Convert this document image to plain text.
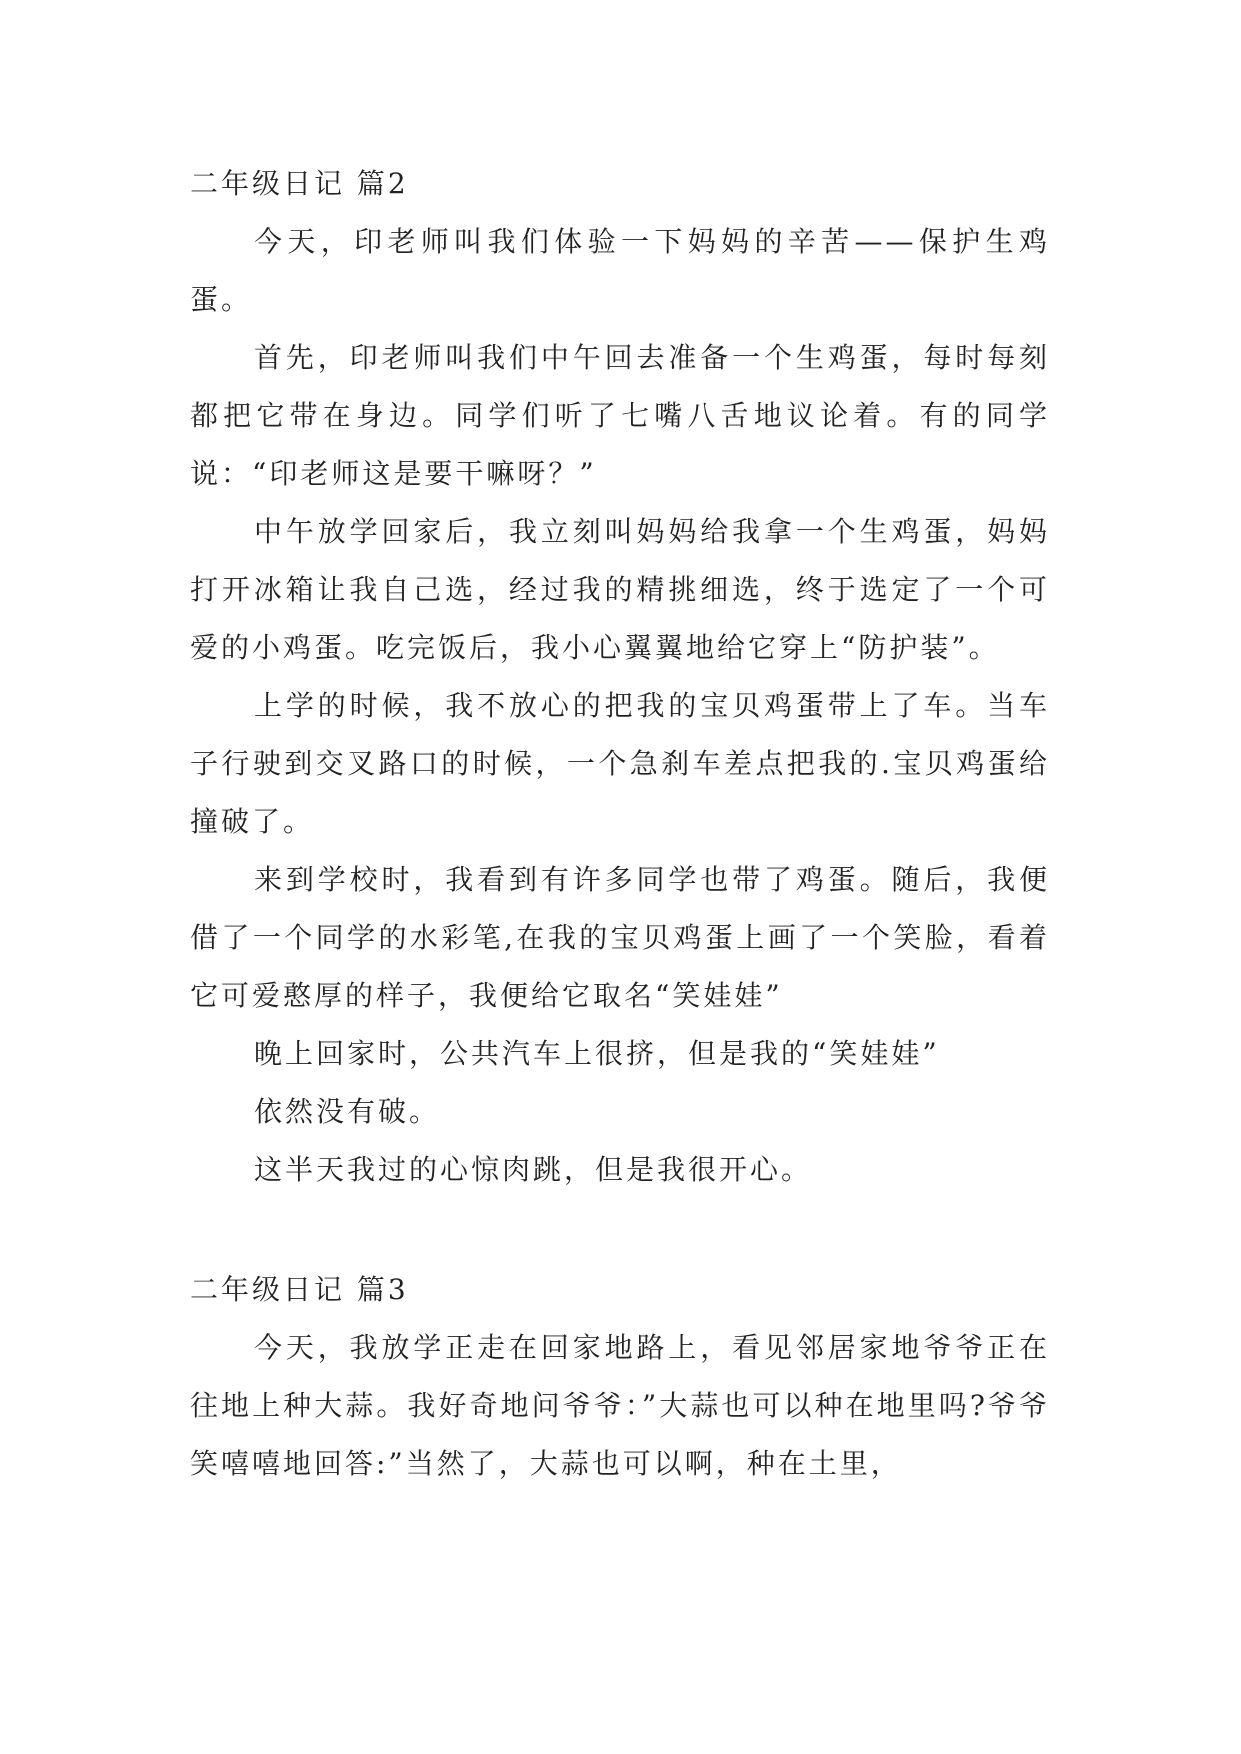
二年级日记 篇2

今天，印老师叫我们体验一下妈妈的辛苦——保护生鸡蛋。

首先，印老师叫我们中午回去准备一个生鸡蛋，每时每刻都把它带在身边。同学们听了七嘴八舌地议论着。有的同学说：“印老师这是要干嘛呀？”

中午放学回家后，我立刻叫妈妈给我拿一个生鸡蛋，妈妈打开冰箱让我自己选，经过我的精挑细选，终于选定了一个可爱的小鸡蛋。吃完饭后，我小心翼翼地给它穿上“防护装”。

上学的时候，我不放心的把我的宝贝鸡蛋带上了车。当车子行驶到交叉路口的时候，一个急刹车差点把我的.宝贝鸡蛋给撞破了。

来到学校时，我看到有许多同学也带了鸡蛋。随后，我便借了一个同学的水彩笔,在我的宝贝鸡蛋上画了一个笑脸，看着它可爱憨厚的样子，我便给它取名“笑娃娃”

晚上回家时，公共汽车上很挤，但是我的“笑娃娃”

依然没有破。

这半天我过的心惊肉跳，但是我很开心。

二年级日记 篇3

今天，我放学正走在回家地路上，看见邻居家地爷爷正在往地上种大蒜。我好奇地问爷爷：”大蒜也可以种在地里吗?爷爷笑嘻嘻地回答:”当然了，大蒜也可以啊，种在土里，
